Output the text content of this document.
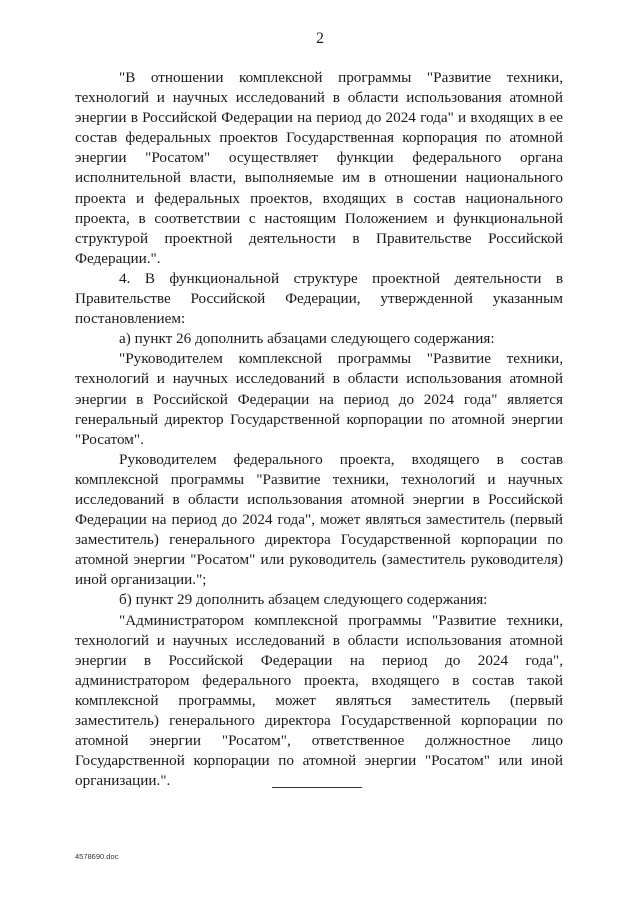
2

"В отношении комплексной программы "Развитие техники, технологий и научных исследований в области использования атомной энергии в Российской Федерации на период до 2024 года" и входящих в ее состав федеральных проектов Государственная корпорация по атомной энергии "Росатом" осуществляет функции федерального органа исполнительной власти, выполняемые им в отношении национального проекта и федеральных проектов, входящих в состав национального проекта, в соответствии с настоящим Положением и функциональной структурой проектной деятельности в Правительстве Российской Федерации.".

4. В функциональной структуре проектной деятельности в Правительстве Российской Федерации, утвержденной указанным постановлением:

а) пункт 26 дополнить абзацами следующего содержания:

"Руководителем комплексной программы "Развитие техники, технологий и научных исследований в области использования атомной энергии в Российской Федерации на период до 2024 года" является генеральный директор Государственной корпорации по атомной энергии "Росатом".

Руководителем федерального проекта, входящего в состав комплексной программы "Развитие техники, технологий и научных исследований в области использования атомной энергии в Российской Федерации на период до 2024 года", может являться заместитель (первый заместитель) генерального директора Государственной корпорации по атомной энергии "Росатом" или руководитель (заместитель руководителя) иной организации.";

б) пункт 29 дополнить абзацем следующего содержания:

"Администратором комплексной программы "Развитие техники, технологий и научных исследований в области использования атомной энергии в Российской Федерации на период до 2024 года", администратором федерального проекта, входящего в состав такой комплексной программы, может являться заместитель (первый заместитель) генерального директора Государственной корпорации по атомной энергии "Росатом", ответственное должностное лицо Государственной корпорации по атомной энергии "Росатом" или иной организации.".

4578690.doc
